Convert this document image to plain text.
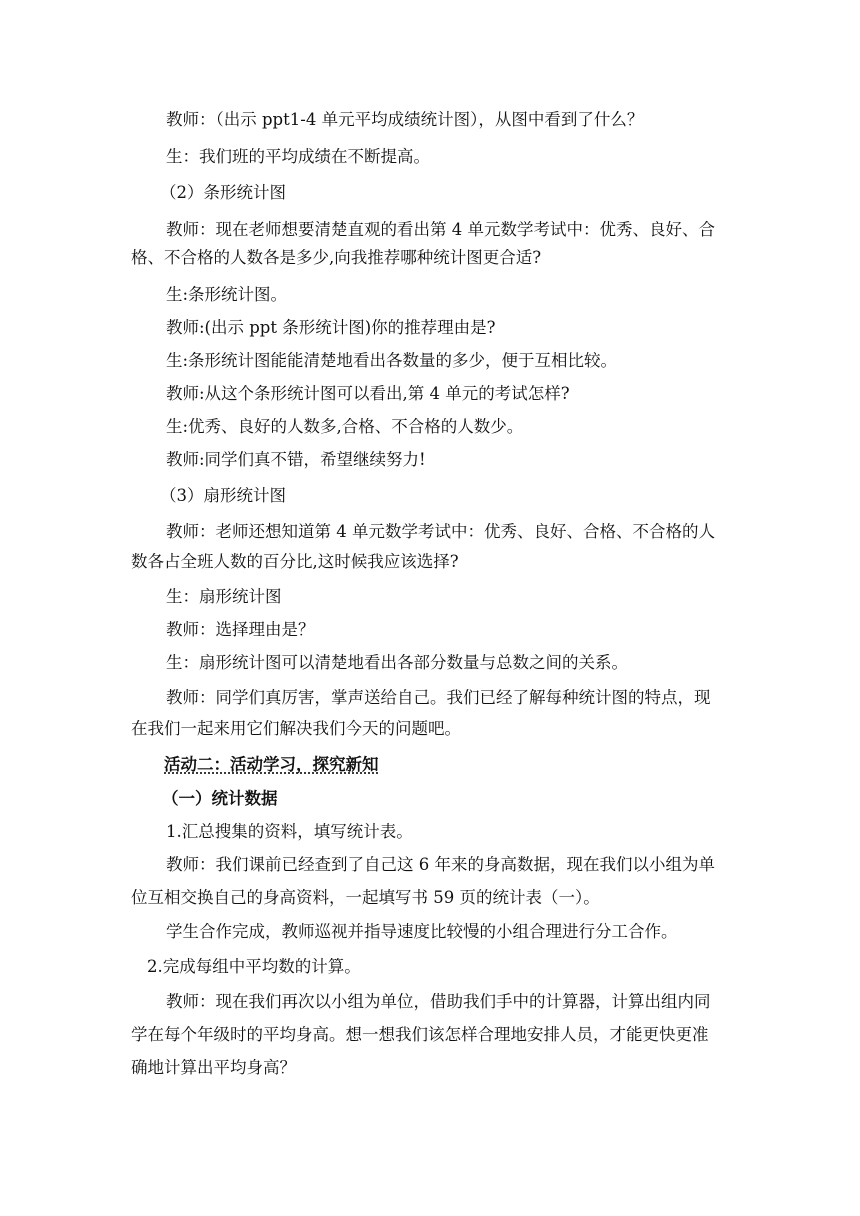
教师：（出示 ppt1-4 单元平均成绩统计图），从图中看到了什么？
生：我们班的平均成绩在不断提高。
（2）条形统计图
教师：现在老师想要清楚直观的看出第 4 单元数学考试中：优秀、良好、合
格、不合格的人数各是多少,向我推荐哪种统计图更合适?
生:条形统计图。
教师:(出示 ppt 条形统计图)你的推荐理由是?
生:条形统计图能能清楚地看出各数量的多少，便于互相比较。
教师:从这个条形统计图可以看出,第 4 单元的考试怎样?
生:优秀、良好的人数多,合格、不合格的人数少。
教师:同学们真不错，希望继续努力!
（3）扇形统计图
教师：老师还想知道第 4 单元数学考试中：优秀、良好、合格、不合格的人
数各占全班人数的百分比,这时候我应该选择?
生：扇形统计图
教师：选择理由是？
生：扇形统计图可以清楚地看出各部分数量与总数之间的关系。
教师：同学们真厉害，掌声送给自己。我们已经了解每种统计图的特点，现
在我们一起来用它们解决我们今天的问题吧。
活动二：活动学习，探究新知
（一）统计数据
1.汇总搜集的资料，填写统计表。
教师：我们课前已经查到了自己这 6 年来的身高数据，现在我们以小组为单
位互相交换自己的身高资料，一起填写书 59 页的统计表（一）。
学生合作完成，教师巡视并指导速度比较慢的小组合理进行分工合作。
2.完成每组中平均数的计算。
教师：现在我们再次以小组为单位，借助我们手中的计算器，计算出组内同
学在每个年级时的平均身高。想一想我们该怎样合理地安排人员，才能更快更准
确地计算出平均身高？
